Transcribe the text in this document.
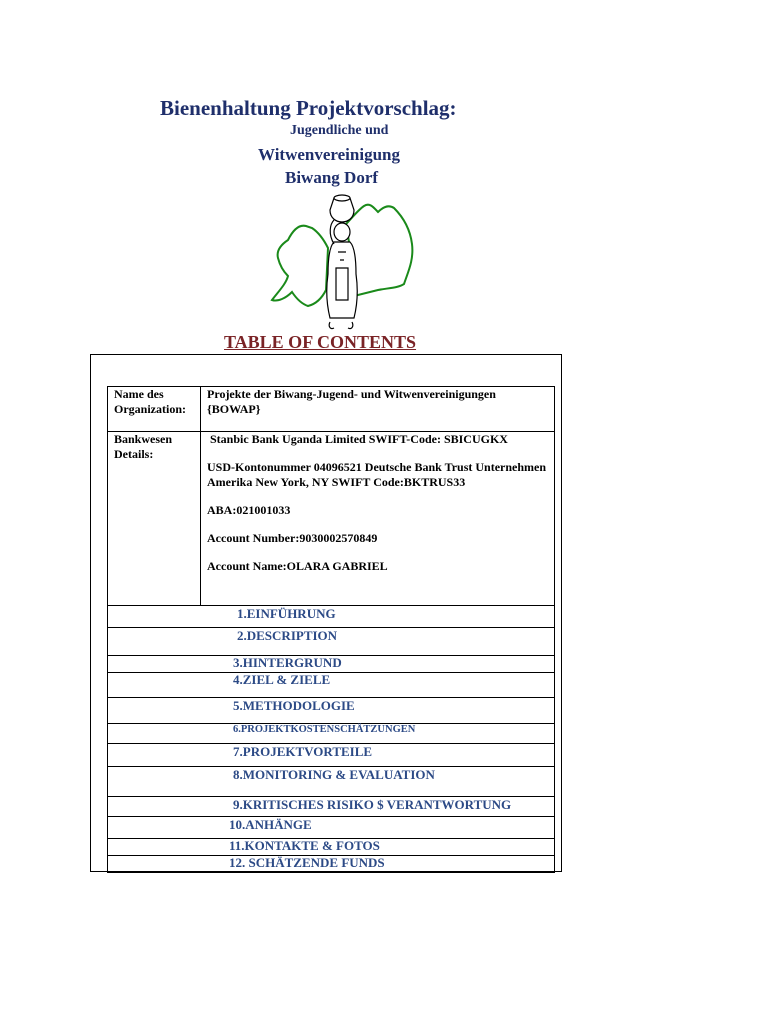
Bienenhaltung Projektvorschlag:
Jugendliche und
Witwenvereinigung
Biwang Dorf
TABLE OF CONTENTS
Name des Organization:	Projekte der Biwang-Jugend- und Witwenvereinigungen {BOWAP}
Bankwesen Details:	Stanbic Bank Uganda Limited SWIFT-Code: SBICUGKX

USD-Kontonummer 04096521 Deutsche Bank Trust Unternehmen Amerika New York, NY SWIFT Code:BKTRUS33

ABA:021001033

Account Number:9030002570849

Account Name:OLARA GABRIEL

1.EINFÜHRUNG
2.DESCRIPTION
3.HINTERGRUND
4.ZIEL & ZIELE
5.METHODOLOGIE
6.PROJEKTKOSTENSCHÄTZUNGEN
7.PROJEKTVORTEILE
8.MONITORING & EVALUATION
9.KRITISCHES RISIKO $ VERANTWORTUNG
10.ANHÄNGE
11.KONTAKTE & FOTOS
12. SCHÄTZENDE FUNDS
